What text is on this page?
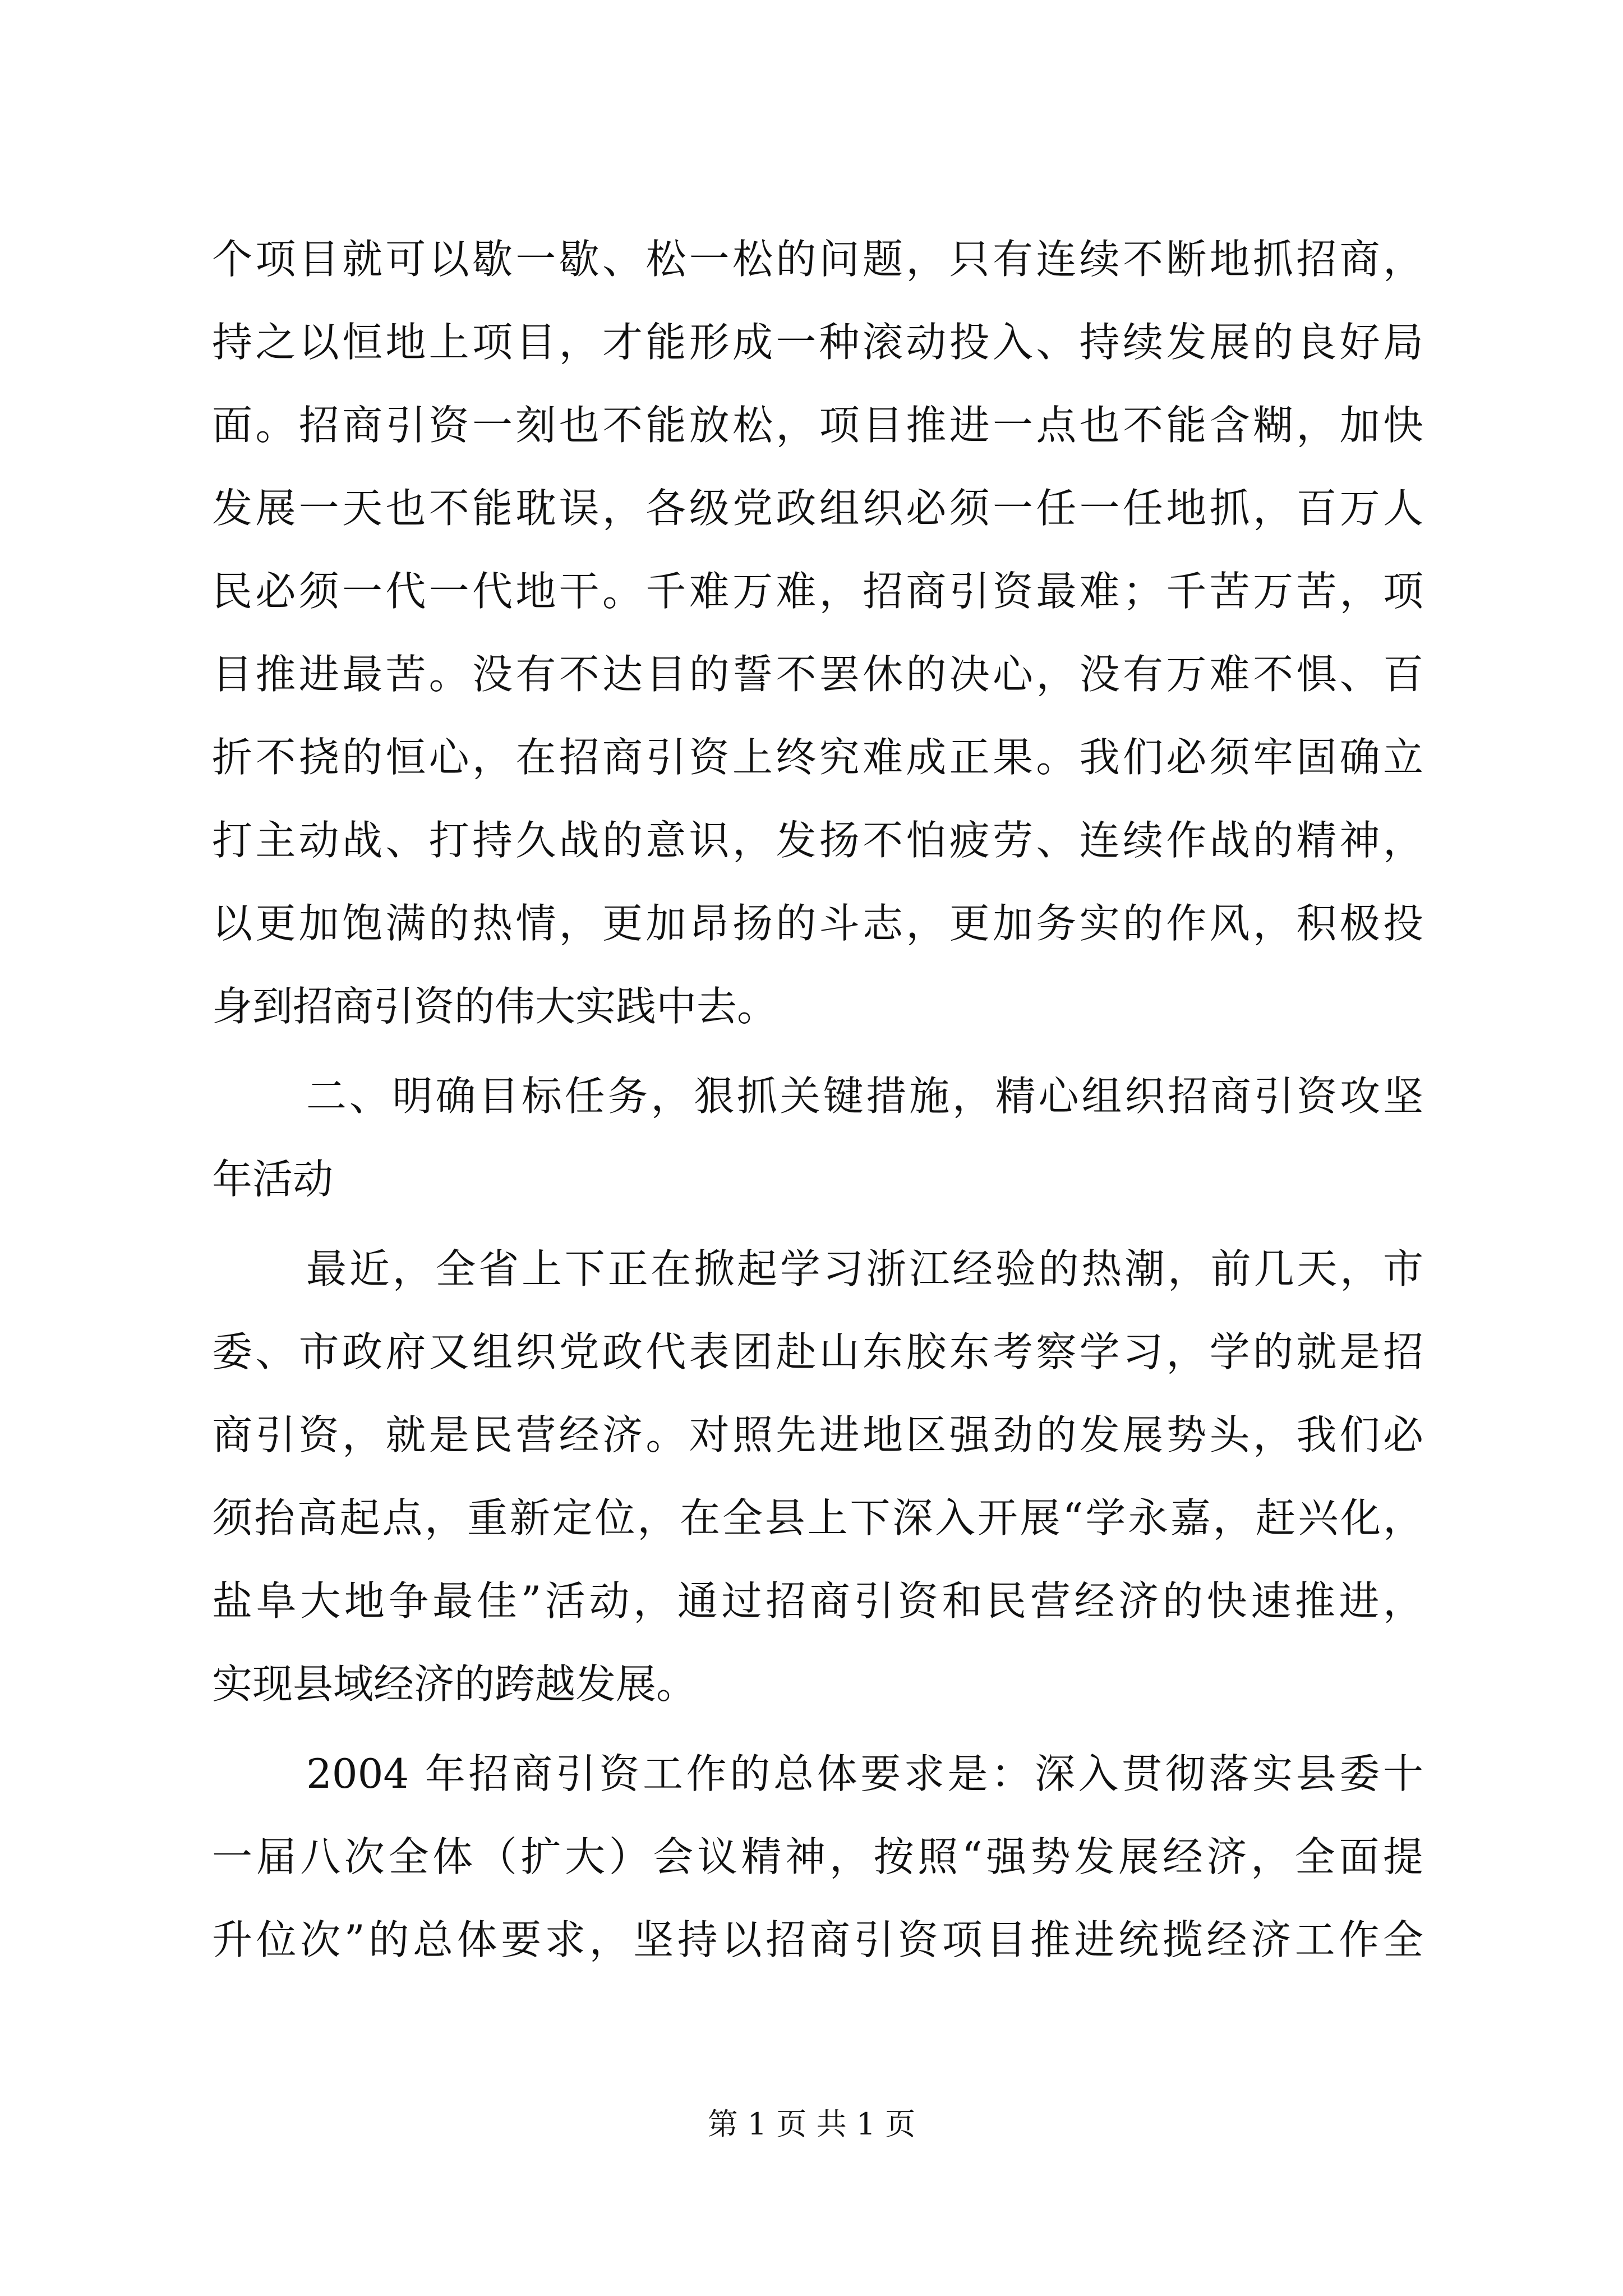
个项目就可以歇一歇、松一松的问题，只有连续不断地抓招商，
持之以恒地上项目，才能形成一种滚动投入、持续发展的良好局
面。招商引资一刻也不能放松，项目推进一点也不能含糊，加快
发展一天也不能耽误，各级党政组织必须一任一任地抓，百万人
民必须一代一代地干。千难万难，招商引资最难；千苦万苦，项
目推进最苦。没有不达目的誓不罢休的决心，没有万难不惧、百
折不挠的恒心，在招商引资上终究难成正果。我们必须牢固确立
打主动战、打持久战的意识，发扬不怕疲劳、连续作战的精神，
以更加饱满的热情，更加昂扬的斗志，更加务实的作风，积极投
身到招商引资的伟大实践中去。
二、明确目标任务，狠抓关键措施，精心组织招商引资攻坚
年活动
最近，全省上下正在掀起学习浙江经验的热潮，前几天，市
委、市政府又组织党政代表团赴山东胶东考察学习，学的就是招
商引资，就是民营经济。对照先进地区强劲的发展势头，我们必
须抬高起点，重新定位，在全县上下深入开展“学永嘉，赶兴化，
盐阜大地争最佳”活动，通过招商引资和民营经济的快速推进，
实现县域经济的跨越发展。
2004 年招商引资工作的总体要求是：深入贯彻落实县委十
一届八次全体（扩大）会议精神，按照“强势发展经济，全面提
升位次”的总体要求，坚持以招商引资项目推进统揽经济工作全
第 1 页 共 1 页
